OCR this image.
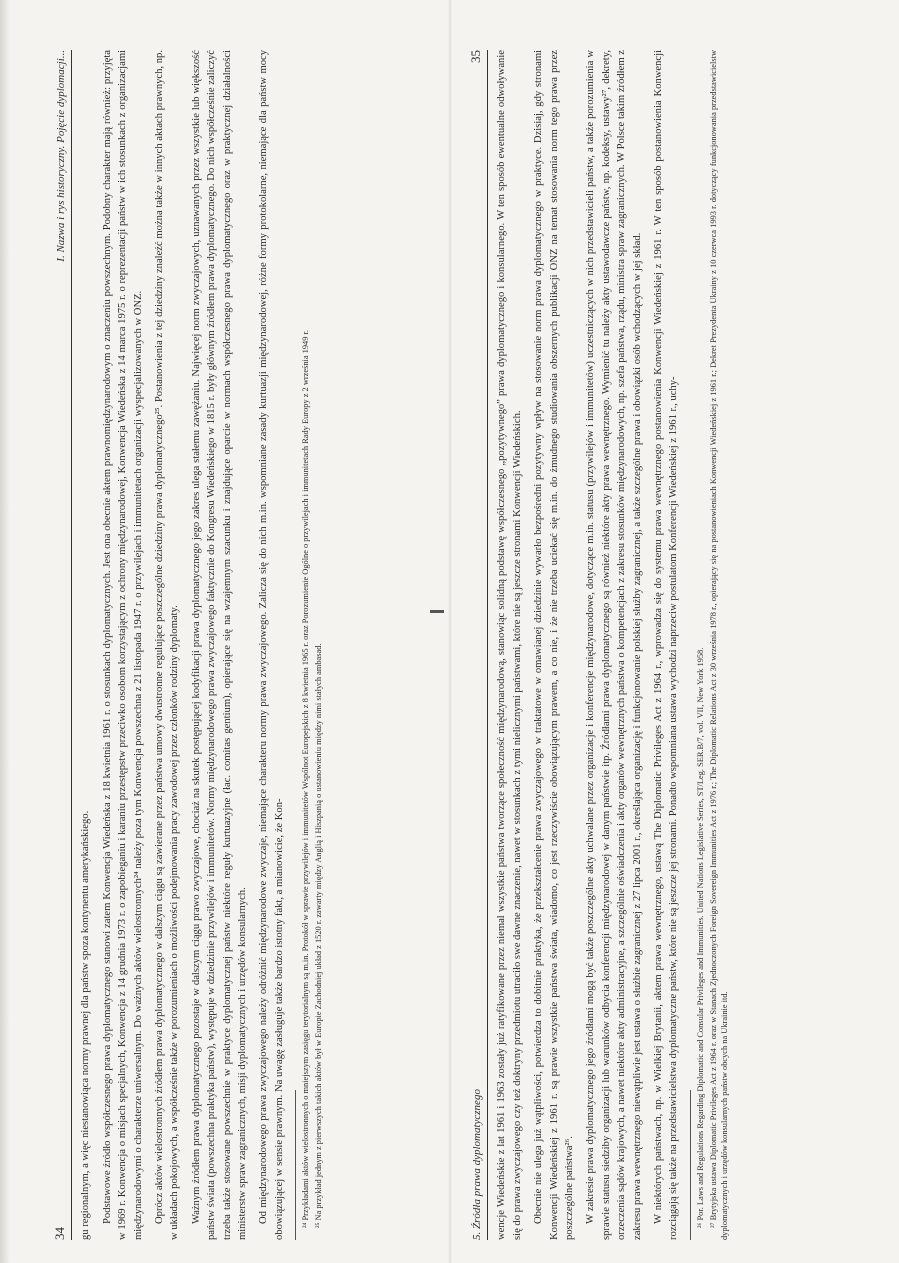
34
I. Nazwa i rys historyczny. Pojęcie dyplomacji...

gu regionalnym, a więc niestanowiąca normy prawnej dla państw spoza kontynentu amerykańskiego. Podstawowe źródło współczesnego prawa dyplomatycznego stanowi zatem Konwencja Wiedeńska z 18 kwietnia 1961 r. o stosunkach dyplomatycznych. Jest ona obecnie aktem prawnomiędzynarodowym o znaczeniu powszechnym. Podobny charakter mają również: przyjęta w 1969 r. Konwencja o misjach specjalnych, Konwencja z 14 grudnia 1973 r. o zapobieganiu i karaniu przestępstw przeciwko osobom korzystającym z ochrony międzynarodowej, Konwencja Wiedeńska z 14 marca 1975 r. o reprezentacji państw w ich stosunkach z organizacjami międzynarodowymi o charakterze uniwersalnym. Do ważnych aktów wielostronnych²⁴ należy poza tym Konwencja powszechna z 21 listopada 1947 r. o przywilejach i immunitetach organizacji wyspecjalizowanych w ONZ. Oprócz aktów wielostronnych źródłem prawa dyplomatycznego w dalszym ciągu są zawierane przez państwa umowy dwustronne regulujące poszczególne dziedziny prawa dyplomatycznego²⁵. Postanowienia z tej dziedziny znaleźć można także w innych aktach prawnych, np. w układach pokojowych, a współcześnie także w porozumieniach o możliwości podejmowania pracy zawodowej przez członków rodziny dyplomaty. Ważnym źródłem prawa dyplomatycznego pozostaje w dalszym ciągu prawo zwyczajowe, chociaż na skutek postępującej kodyfikacji prawa dyplomatycznego jego zakres ulega stałemu zawężaniu. Najwięcej norm zwyczajowych, uznawanych przez wszystkie lub większość państw świata (powszechna praktyka państw), występuje w dziedzinie przywilejów i immunitetów. Normy międzynarodowego prawa zwyczajowego faktycznie do Kongresu Wiedeńskiego w 1815 r. były głównym źródłem prawa dyplomatycznego. Do nich współcześnie zaliczyć trzeba także stosowane powszechnie w praktyce dyplomatycznej państw niektóre reguły kurtuazyjne (łac. comitas gentium), opierające się na wzajemnym szacunku i znajdujące oparcie w normach współczesnego prawa dyplomatycznego oraz w praktycznej działalności ministerstw spraw zagranicznych, misji dyplomatycznych i urzędów konsularnych. Od międzynarodowego prawa zwyczajowego należy odróżnić międzynarodowe zwyczaje, niemające charakteru normy prawa zwyczajowego. Zalicza się do nich m.in. wspomniane zasady kurtuazji międzynarodowej, różne formy protokolarne, niemające dla państw mocy obowiązującej w sensie prawnym. Na uwagę zasługuje także bardzo istotny fakt, a mianowicie, że Kon- ²⁴ Przykładami aktów wielostronnych o mniejszym zasięgu terytorialnym są m.in. Protokół w sprawie przywilejów i immunitetów Wspólnot Europejskich z 8 kwietnia 1965 r. oraz Porozumienie Ogólne o przywilejach i immunitetach Rady Europy z 2 września 1949 r. ²⁵ Na przykład jednym z pierwszych takich aktów był w Europie Zachodniej układ z 1520 r. zawarty między Anglią i Hiszpanią o ustanowieniu między nimi stałych ambasad.	5. Źródła prawa dyplomatycznego
35 wencje Wiedeńskie z lat 1961 i 1963 zostały już ratyfikowane przez niemal wszystkie państwa tworzące społeczność międzynarodową, stanowiąc solidną podstawę współczesnego „pozytywnego” prawa dyplomatycznego i konsularnego. W ten sposób ewentualne odwoływanie się do prawa zwyczajowego czy też doktryny przedmiotu utraciło swe dawne znaczenie, nawet w stosunkach z tymi nielicznymi państwami, które nie są jeszcze stronami Konwencji Wiedeńskich. Obecnie nie ulega już wątpliwości, potwierdza to dobitnie praktyka, że przekształcenie prawa zwyczajowego w traktatowe w omawianej dziedzinie wywarło bezpośredni pozytywny wpływ na stosowanie norm prawa dyplomatycznego w praktyce. Dzisiaj, gdy stronami Konwencji Wiedeńskiej z 1961 r. są prawie wszystkie państwa świata, wiadomo, co jest rzeczywiście obowiązującym prawem, a co nie, i że nie trzeba uciekać się m.in. do żmudnego studiowania obszernych publikacji ONZ na temat stosowania norm tego prawa przez poszczególne państwa²⁶. W zakresie prawa dyplomatycznego jego źródłami mogą być także poszczególne akty uchwalane przez organizacje i konferencje międzynarodowe, dotyczące m.in. statusu (przywilejów i immunitetów) uczestniczących w nich przedstawicieli państw, a także porozumienia w sprawie statusu siedziby organizacji lub warunków odbycia konferencji międzynarodowej w danym państwie itp. Źródłami prawa dyplomatycznego są również niektóre akty prawa wewnętrznego. Wymienić tu należy akty ustawodawcze państw, np. kodeksy, ustawy²⁷, dekrety, orzeczenia sądów krajowych, a nawet niektóre akty administracyjne, a szczególnie oświadczenia i akty organów wewnętrznych państwa o kompetencjach z zakresu stosunków międzynarodowych, np. szefa państwa, rządu, ministra spraw zagranicznych. W Polsce takim źródłem z zakresu prawa wewnętrznego niewątpliwie jest ustawa o służbie zagranicznej z 27 lipca 2001 r., określająca organizację i funkcjonowanie polskiej służby zagranicznej, a także szczególne prawa i obowiązki osób wchodzących w jej skład. W niektórych państwach, np. w Wielkiej Brytanii, aktem prawa wewnętrznego, ustawą The Diplomatic Privileges Act z 1964 r., wprowadza się do systemu prawa wewnętrznego postanowienia Konwencji Wiedeńskiej z 1961 r. W ten sposób postanowienia Konwencji rozciągają się także na przedstawicielstwa dyplomatyczne państw, które nie są jeszcze jej stronami. Ponadto wspomniana ustawa wychodzi naprzeciw postulatom Konferencji Wiedeńskiej z 1961 r., uchy- ²⁶ Por. Laws and Regulations Regarding Diplomatic and Consular Privileges and Immunities. United Nations Legislative Series, ST/Leg. SER.B/7, vol. VII, New York 1958. ²⁷ Brytyjska ustawa Diplomatic Privileges Act z 1964 r. oraz w Stanach Zjednoczonych Foreign Sovereign Immunities Act z 1976 r.; The Diplomatic Relations Act z 30 września 1978 r., opierający się na postanowieniach Konwencji Wiedeńskiej z 1961 r.; Dekret Prezydenta Ukrainy z 10 czerwca 1993 r. dotyczący funkcjonowania przedstawicielstw dyplomatycznych i urzędów konsularnych państw obcych na Ukrainie itd.
